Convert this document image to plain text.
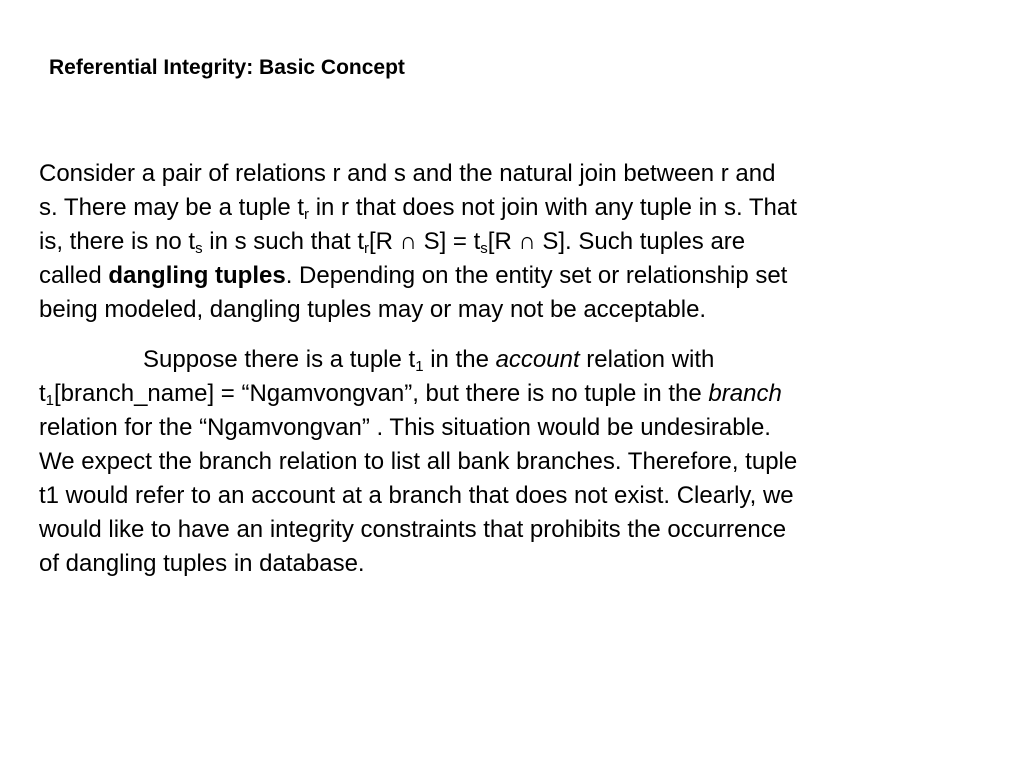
Referential Integrity: Basic Concept

Consider a pair of relations r and s and the natural join between r and
s. There may be a tuple $t_r$ in r that does not join with any tuple in s. That
is, there is no $t_s$ in s such that $t_r[R$ ∩ $S] = t_s[R$ ∩ S]. Such tuples are
called dangling tuples. Depending on the entity set or relationship set
being modeled, dangling tuples may or may not be acceptable.

Suppose there is a tuple $t_1$ in the account relation with
$t_1[branch\_name]$ = “Ngamvongvan”, but there is no tuple in the branch
relation for the “Ngamvongvan” . This situation would be undesirable.
We expect the branch relation to list all bank branches. Therefore, tuple
t1 would refer to an account at a branch that does not exist. Clearly, we
would like to have an integrity constraints that prohibits the occurrence
of dangling tuples in database.
